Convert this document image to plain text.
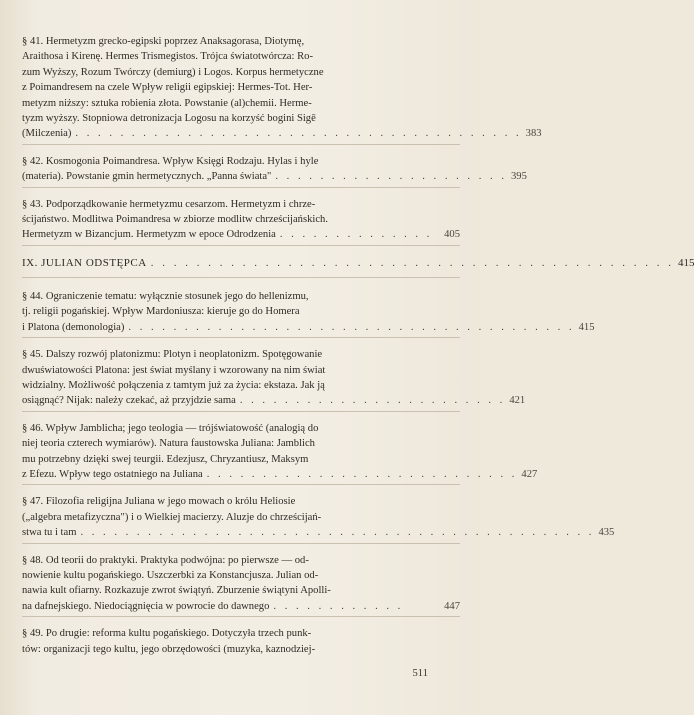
§ 41. Hermetyzm grecko-egipski poprzez Anaksagorasa, Diotymę,
Araithosa i Kirenę. Hermes Trismegistos. Trójca światotwórcza: Ro-
zum Wyższy, Rozum Twórczy (demiurg) i Logos. Korpus hermetyczne
z Poimandresem na czele Wpływ religii egipskiej: Hermes-Tot. Her-
metyzm niższy: sztuka robienia złota. Powstanie (al)chemii. Herme-
tyzm wyższy. Stopniowa detronizacja Logosu na korzyść bogini Sigē
(Milczenia) . . . . . . . . . . . . . . . . . . . . . . . . . . . . . . . . . . . . . . . . 383
§ 42. Kosmogonia Poimandresa. Wpływ Księgi Rodzaju. Hylas i hyle
(materia). Powstanie gmin hermetycznych. „Panna świata" . . . . . . . . . . . . . . . . . . . . . 395
§ 43. Podporządkowanie hermetyzmu cesarzom. Hermetyzm i chrze-
ścijaństwo. Modlitwa Poimandresa w zbiorze modlitw chrześcijańskich.
Hermetyzm w Bizancjum. Hermetyzm w epoce Odrodzenia . . . . . . . . . . . . . .	405
IX. JULIAN ODSTĘPCA . . . . . . . . . . . . . . . . . . . . . . . . . . . . . . . . . . . . . . . . . . . . . . 415
§ 44. Ograniczenie tematu: wyłącznie stosunek jego do hellenizmu,
tj. religii pogańskiej. Wpływ Mardoniusza: kieruje go do Homera
i Platona (demonologia) . . . . . . . . . . . . . . . . . . . . . . . . . . . . . . . . . . . . . . . . 415
§ 45. Dalszy rozwój platonizmu: Plotyn i neoplatonizm. Spotęgowanie
dwuświatowości Platona: jest świat myślany i wzorowany na nim świat
widzialny. Możliwość połączenia z tamtym już za życia: ekstaza. Jak ją
osiągnąć? Nijak: należy czekać, aż przyjdzie sama . . . . . . . . . . . . . . . . . . . . . . . . 421
§ 46. Wpływ Jamblicha; jego teologia — trójświatowość (analogią do
niej teoria czterech wymiarów). Natura faustowska Juliana: Jamblich
mu potrzebny dzięki swej teurgii. Edezjusz, Chryzantiusz, Maksym
z Efezu. Wpływ tego ostatniego na Juliana . . . . . . . . . . . . . . . . . . . . . . . . . . . . 427
§ 47. Filozofia religijna Juliana w jego mowach o królu Heliosie
(„algebra metafizyczna") i o Wielkiej macierzy. Aluzje do chrześcijań-
stwa tu i tam . . . . . . . . . . . . . . . . . . . . . . . . . . . . . . . . . . . . . . . . . . . . . . 435
§ 48. Od teorii do praktyki. Praktyka podwójna: po pierwsze — od-
nowienie kultu pogańskiego. Uszczerbki za Konstancjusza. Julian od-
nawia kult ofiarny. Rozkazuje zwrot świątyń. Zburzenie świątyni Apolli-
na dafnejskiego. Niedociągnięcia w powrocie do dawnego . . . . . . . . . . . .	447
§ 49. Po drugie: reforma kultu pogańskiego. Dotyczyła trzech punk-
tów: organizacji tego kultu, jego obrzędowości (muzyka, kaznodziej-
511
